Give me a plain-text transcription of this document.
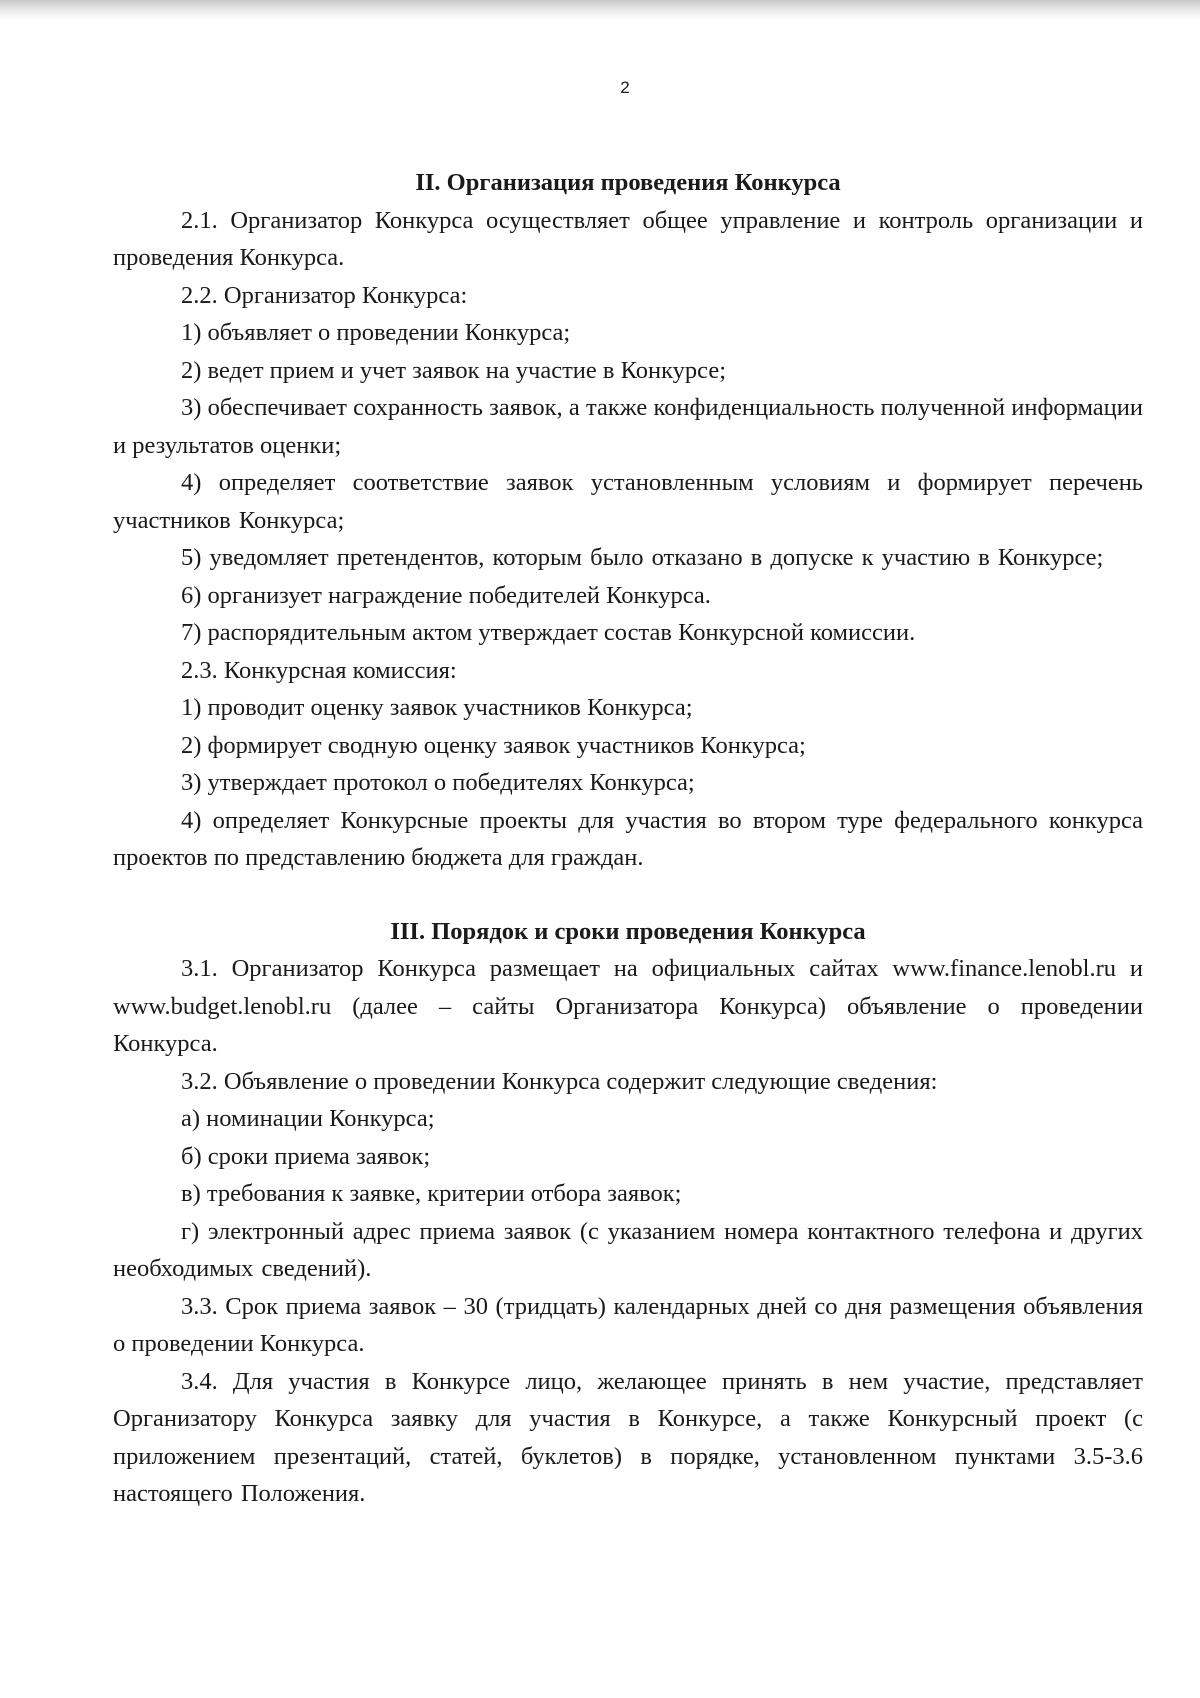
2
II. Организация проведения Конкурса

2.1. Организатор Конкурса осуществляет общее управление и контроль организации и проведения Конкурса.

2.2. Организатор Конкурса:

1) объявляет о проведении Конкурса;

2) ведет прием и учет заявок на участие в Конкурсе;

3) обеспечивает сохранность заявок, а также конфиденциальность полученной информации и результатов оценки;

4) определяет соответствие заявок установленным условиям и формирует перечень участников Конкурса;

5) уведомляет претендентов, которым было отказано в допуске к участию в Конкурсе;

6) организует награждение победителей Конкурса.

7) распорядительным актом утверждает состав Конкурсной комиссии.

2.3. Конкурсная комиссия:

1) проводит оценку заявок участников Конкурса;

2) формирует сводную оценку заявок участников Конкурса;

3) утверждает протокол о победителях Конкурса;

4) определяет Конкурсные проекты для участия во втором туре федерального конкурса проектов по представлению бюджета для граждан.

III. Порядок и сроки проведения Конкурса

3.1. Организатор Конкурса размещает на официальных сайтах www.finance.lenobl.ru и www.budget.lenobl.ru (далее – сайты Организатора Конкурса) объявление о проведении Конкурса.

3.2. Объявление о проведении Конкурса содержит следующие сведения:

а) номинации Конкурса;

б) сроки приема заявок;

в) требования к заявке, критерии отбора заявок;

г) электронный адрес приема заявок (с указанием номера контактного телефона и других необходимых сведений).

3.3. Срок приема заявок – 30 (тридцать) календарных дней со дня размещения объявления о проведении Конкурса.

3.4. Для участия в Конкурсе лицо, желающее принять в нем участие, представляет Организатору Конкурса заявку для участия в Конкурсе, а также Конкурсный проект (с приложением презентаций, статей, буклетов) в порядке, установленном пунктами 3.5-3.6 настоящего Положения.
